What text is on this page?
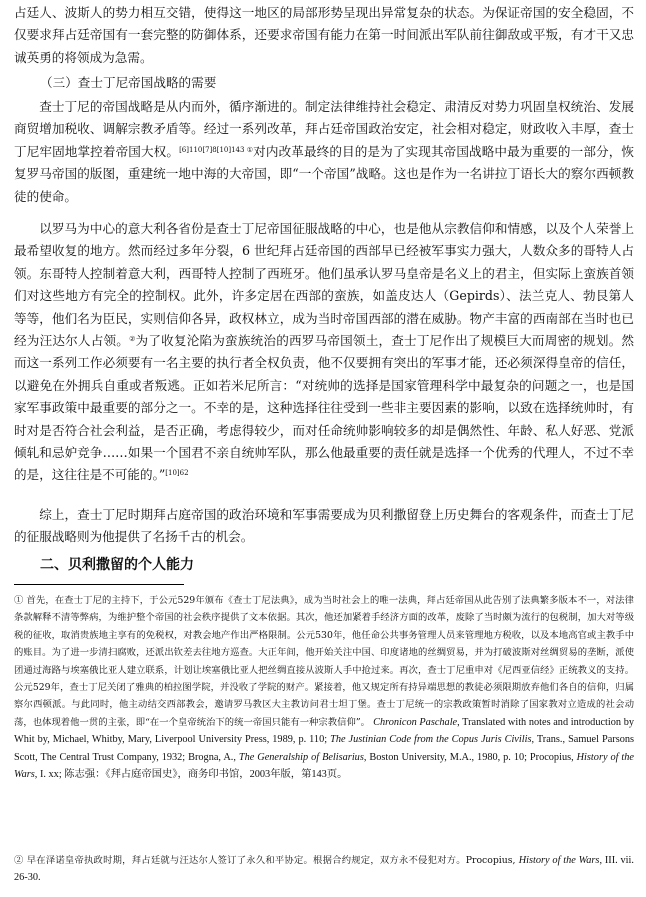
占廷人、波斯人的势力相互交错，使得这一地区的局部形势呈现出异常复杂的状态。为保证帝国的安全稳固，不仅要求拜占廷帝国有一套完整的防御体系，还要求帝国有能力在第一时间派出军队前往御敌或平叛，有才干又忠诚英勇的将领成为急需。

（三）查士丁尼帝国战略的需要

查士丁尼的帝国战略是从内而外，循序渐进的。制定法律维持社会稳定、肃清反对势力巩固皇权统治、发展商贸增加税收、调解宗教矛盾等。经过一系列改革，拜占廷帝国政治安定，社会相对稳定，财政收入丰厚，查士丁尼牢固地掌控着帝国大权。$^{[6]110[7]8[10]143 ①}$对内改革最终的目的是为了实现其帝国战略中最为重要的一部分，恢复罗马帝国的版图，重建统一地中海的大帝国，即“一个帝国”战略。这也是作为一名讲拉丁语长大的察尔西顿教徒的使命。

以罗马为中心的意大利各省份是查士丁尼帝国征服战略的中心，也是他从宗教信仰和情感，以及个人荣誉上最希望收复的地方。然而经过多年分裂，6 世纪拜占廷帝国的西部早已经被军事实力强大，人数众多的哥特人占领。东哥特人控制着意大利，西哥特人控制了西班牙。他们虽承认罗马皇帝是名义上的君主，但实际上蛮族首领们对这些地方有完全的控制权。此外，许多定居在西部的蛮族，如盖皮达人（Gepirds）、法兰克人、勃艮第人等等，他们名为臣民，实则信仰各异，政权林立，成为当时帝国西部的潜在威胁。物产丰富的西南部在当时也已经为汪达尔人占领。②为了收复沦陷为蛮族统治的西罗马帝国领土，查士丁尼作出了规模巨大而周密的规划。然而这一系列工作必须要有一名主要的执行者全权负责，他不仅要拥有突出的军事才能，还必须深得皇帝的信任，以避免在外拥兵自重或者叛逃。正如若米尼所言：“对统帅的选择是国家管理科学中最复杂的问题之一，也是国家军事政策中最重要的部分之一。不幸的是，这种选择往往受到一些非主要因素的影响，以致在选择统帅时，有时对是否符合社会利益，是否正确，考虑得较少，而对任命统帅影响较多的却是偶然性、年龄、私人好恶、党派倾轧和忌妒竞争……如果一个国君不亲自统帅军队，那么他最重要的责任就是选择一个优秀的代理人，不过不幸的是，这往往是不可能的。”$^{[10]62}$

综上，查士丁尼时期拜占庭帝国的政治环境和军事需要成为贝利撒留登上历史舞台的客观条件，而查士丁尼的征服战略则为他提供了名扬千古的机会。

二、贝利撒留的个人能力

① 首先，在查士丁尼的主持下，于公元529年颁布《查士丁尼法典》，成为当时社会上的唯一法典，拜占廷帝国从此告别了法典繁多版本不一，对法律条款解释不清等弊病，为维护整个帝国的社会秩序提供了文本依据。其次，他还加紧着手经济方面的改革，废除了当时颇为流行的包税制，加大对等级税的征收，取消贵族地主享有的免税权，对教会地产作出严格限制。公元530年，他任命公共事务管理人员来管理地方税收，以及本地高官或主教手中的账目。为了进一步清扫腐败，还派出钦差去往地方巡查。大正年间，他开始关注中国、印度诸地的丝绸贸易，并为打破波斯对丝绸贸易的垄断，派使团通过海路与埃塞俄比亚人建立联系，计划让埃塞俄比亚人把丝绸直接从波斯人手中抢过来。再次，查士丁尼重申对《尼西亚信经》正统教义的支持。公元529年，查士丁尼关闭了雅典的柏拉图学院，并没收了学院的财产。紧接着，他又规定所有持异端思想的教徒必须限期放弃他们各自的信仰，归属察尔西顿派。与此同时，他主动结交西部教会，邀请罗马教区大主教访问君士坦丁堡。查士丁尼统一的宗教政策暂时消除了国家教对立造成的社会动荡，也体现着他一贯的主张，即“在一个皇帝统治下的统一帝国只能有一种宗教信仰”。 Chronicon Paschale, Translated with notes and introduction by Whit by, Michael, Whitby, Mary, Liverpool University Press, 1989, p. 110; The Justinian Code from the Copus Juris Civilis, Trans., Samuel Parsons Scott, The Central Trust Company, 1932; Brogna, A., The Generalship of Belisarius, Boston University, M.A., 1980, p. 10; Procopius, History of the Wars, I. xx; 陈志强：《拜占庭帝国史》，商务印书馆，2003年版，第143页。

② 早在泽诺皇帝执政时期，拜占廷就与汪达尔人签订了永久和平协定。根据合约规定，双方永不侵犯对方。Procopius, History of the Wars, III. vii. 26-30.
